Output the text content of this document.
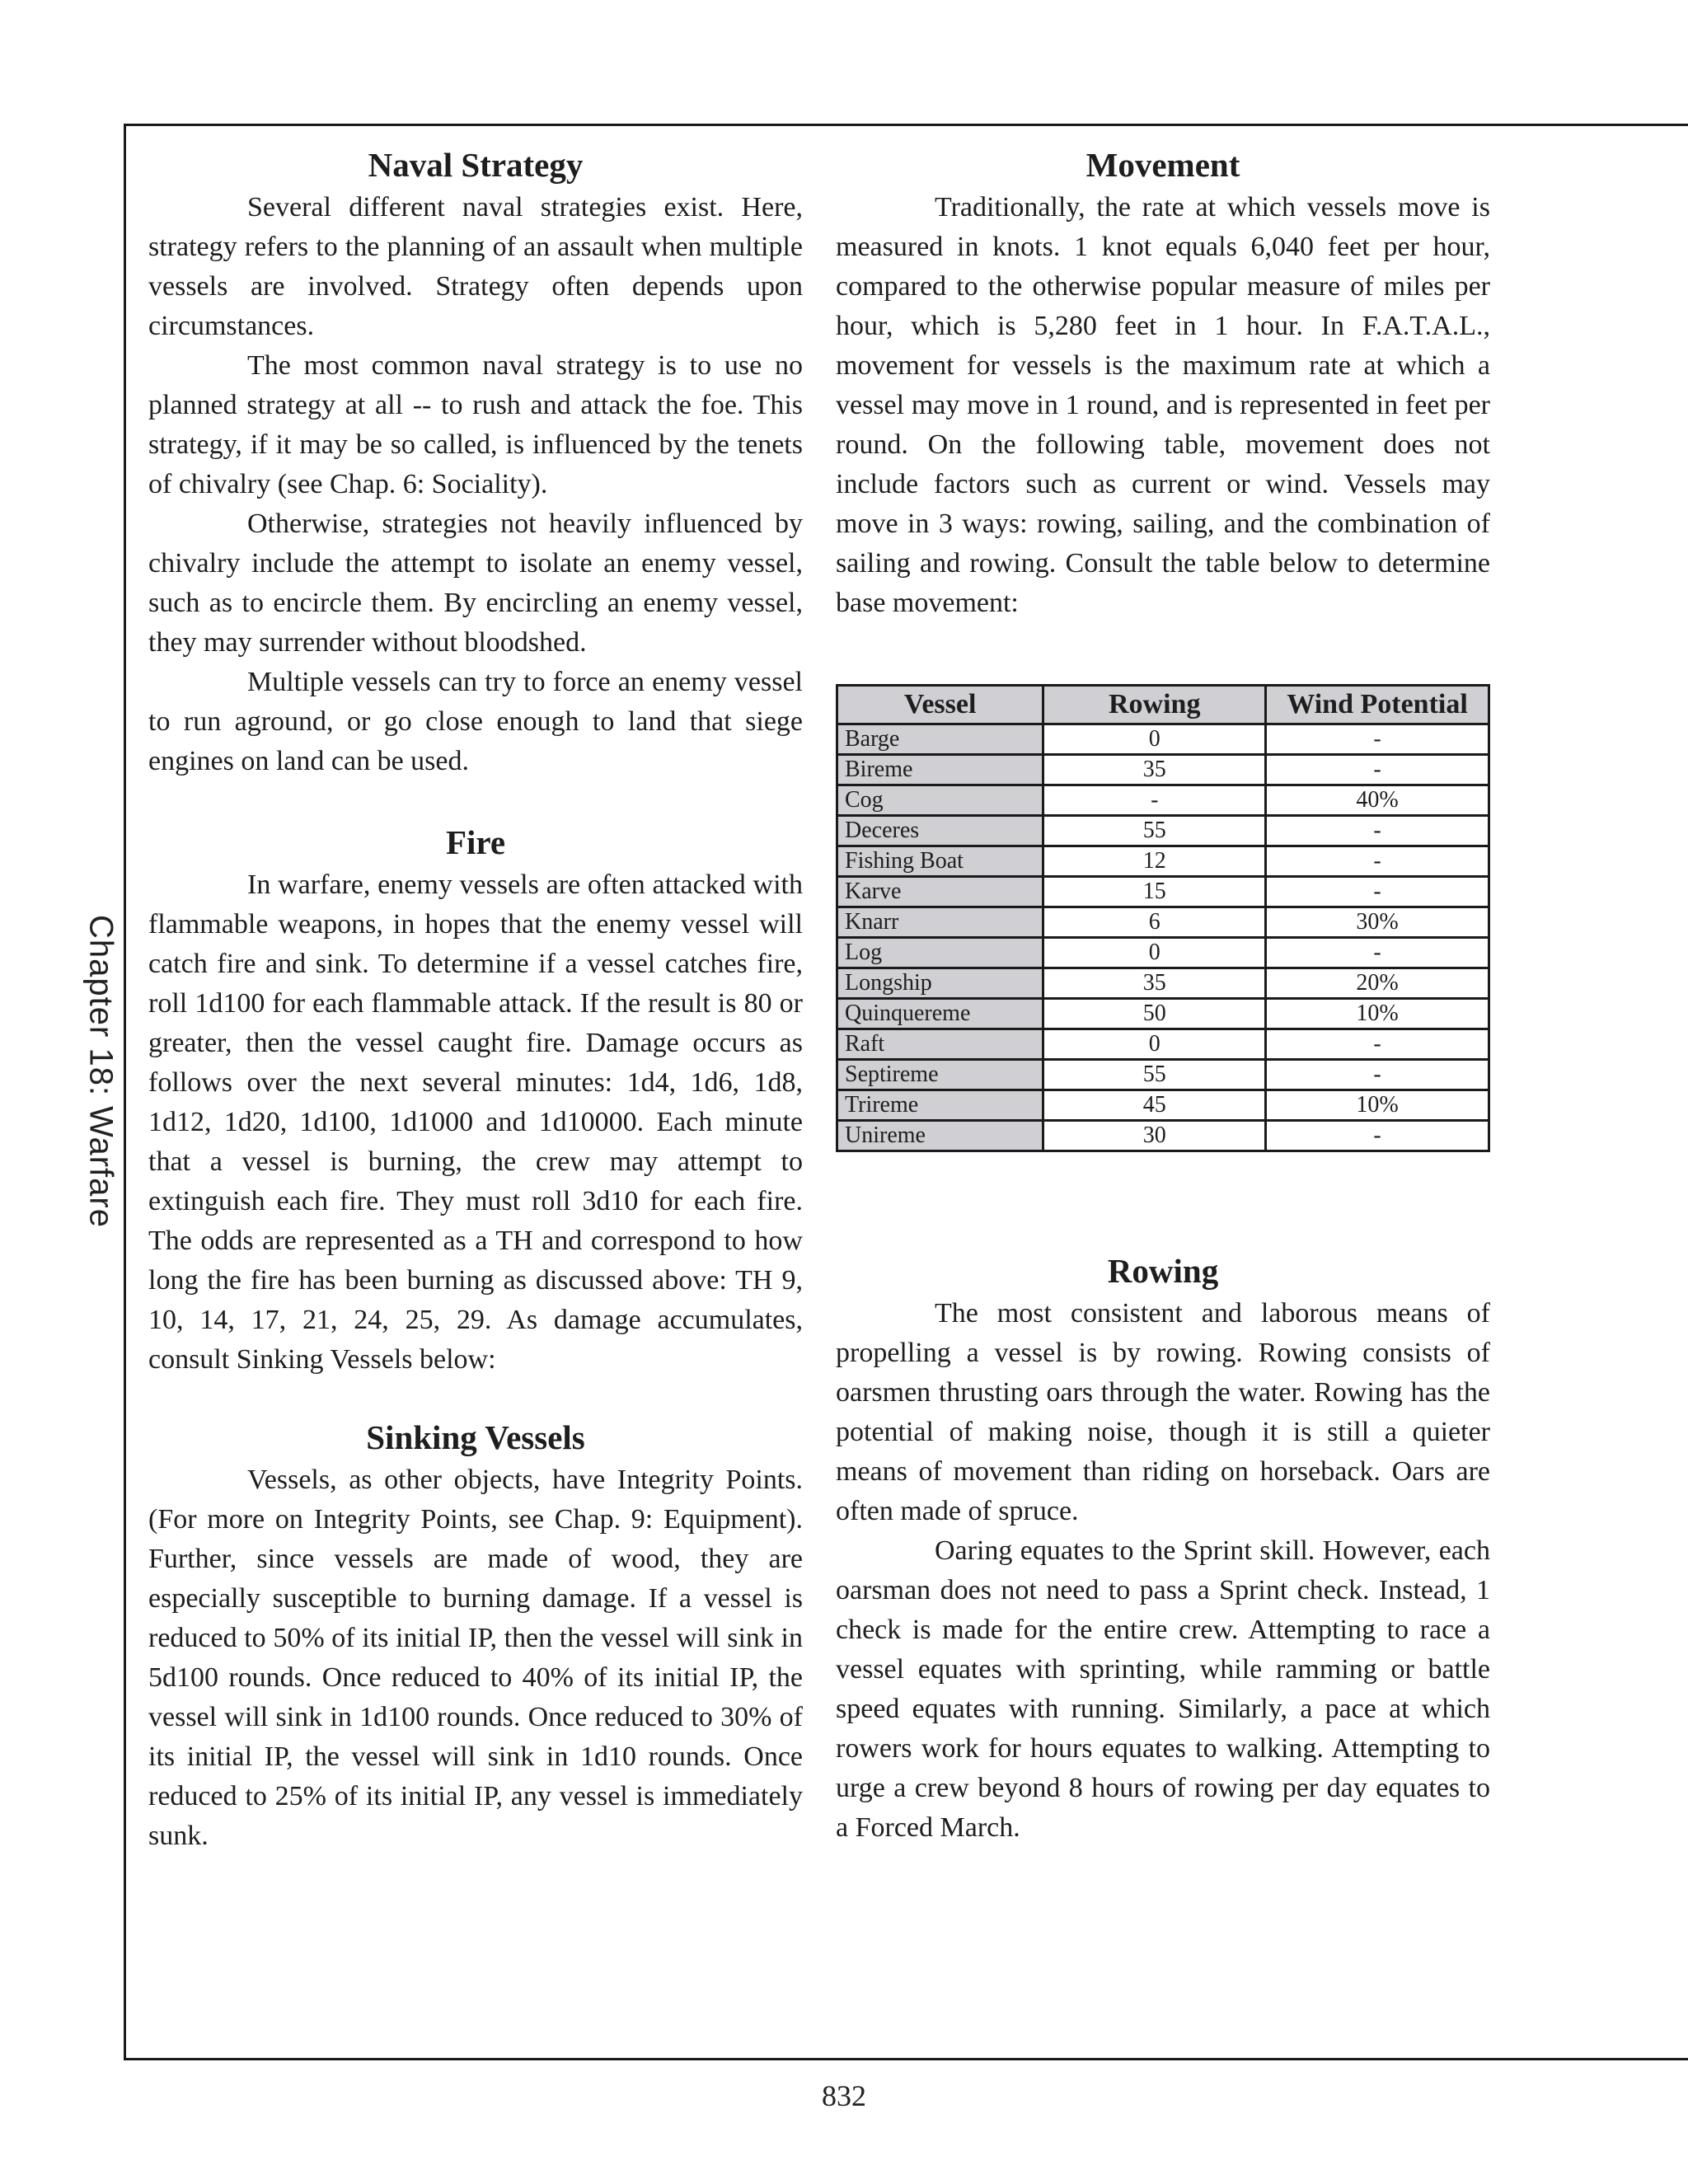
Chapter 18: Warfare
Naval Strategy

Several different naval strategies exist. Here, strategy refers to the planning of an assault when multiple vessels are involved. Strategy often depends upon circumstances.

The most common naval strategy is to use no planned strategy at all -- to rush and attack the foe. This strategy, if it may be so called, is influenced by the tenets of chivalry (see Chap. 6: Sociality).

Otherwise, strategies not heavily influenced by chivalry include the attempt to isolate an enemy vessel, such as to encircle them. By encircling an enemy vessel, they may surrender without bloodshed.

Multiple vessels can try to force an enemy vessel to run aground, or go close enough to land that siege engines on land can be used.

Fire

In warfare, enemy vessels are often attacked with flammable weapons, in hopes that the enemy vessel will catch fire and sink. To determine if a vessel catches fire, roll 1d100 for each flammable attack. If the result is 80 or greater, then the vessel caught fire. Damage occurs as follows over the next several minutes: 1d4, 1d6, 1d8, 1d12, 1d20, 1d100, 1d1000 and 1d10000. Each minute that a vessel is burning, the crew may attempt to extinguish each fire. They must roll 3d10 for each fire. The odds are represented as a TH and correspond to how long the fire has been burning as discussed above: TH 9, 10, 14, 17, 21, 24, 25, 29. As damage accumulates, consult Sinking Vessels below:

Sinking Vessels

Vessels, as other objects, have Integrity Points. (For more on Integrity Points, see Chap. 9: Equipment). Further, since vessels are made of wood, they are especially susceptible to burning damage. If a vessel is reduced to 50% of its initial IP, then the vessel will sink in 5d100 rounds. Once reduced to 40% of its initial IP, the vessel will sink in 1d100 rounds. Once reduced to 30% of its initial IP, the vessel will sink in 1d10 rounds. Once reduced to 25% of its initial IP, any vessel is immediately sunk.

Movement

Traditionally, the rate at which vessels move is measured in knots. 1 knot equals 6,040 feet per hour, compared to the otherwise popular measure of miles per hour, which is 5,280 feet in 1 hour. In F.A.T.A.L., movement for vessels is the maximum rate at which a vessel may move in 1 round, and is represented in feet per round. On the following table, movement does not include factors such as current or wind. Vessels may move in 3 ways: rowing, sailing, and the combination of sailing and rowing. Consult the table below to determine base movement:

Vessel	Rowing	Wind Potential
Barge	0	-
Bireme	35	-
Cog	-	40%
Deceres	55	-
Fishing Boat	12	-
Karve	15	-
Knarr	6	30%
Log	0	-
Longship	35	20%
Quinquereme	50	10%
Raft	0	-
Septireme	55	-
Trireme	45	10%
Unireme	30	-
Rowing

The most consistent and laborous means of propelling a vessel is by rowing. Rowing consists of oarsmen thrusting oars through the water. Rowing has the potential of making noise, though it is still a quieter means of movement than riding on horseback. Oars are often made of spruce.

Oaring equates to the Sprint skill. However, each oarsman does not need to pass a Sprint check. Instead, 1 check is made for the entire crew. Attempting to race a vessel equates with sprinting, while ramming or battle speed equates with running. Similarly, a pace at which rowers work for hours equates to walking. Attempting to urge a crew beyond 8 hours of rowing per day equates to a Forced March.

832
